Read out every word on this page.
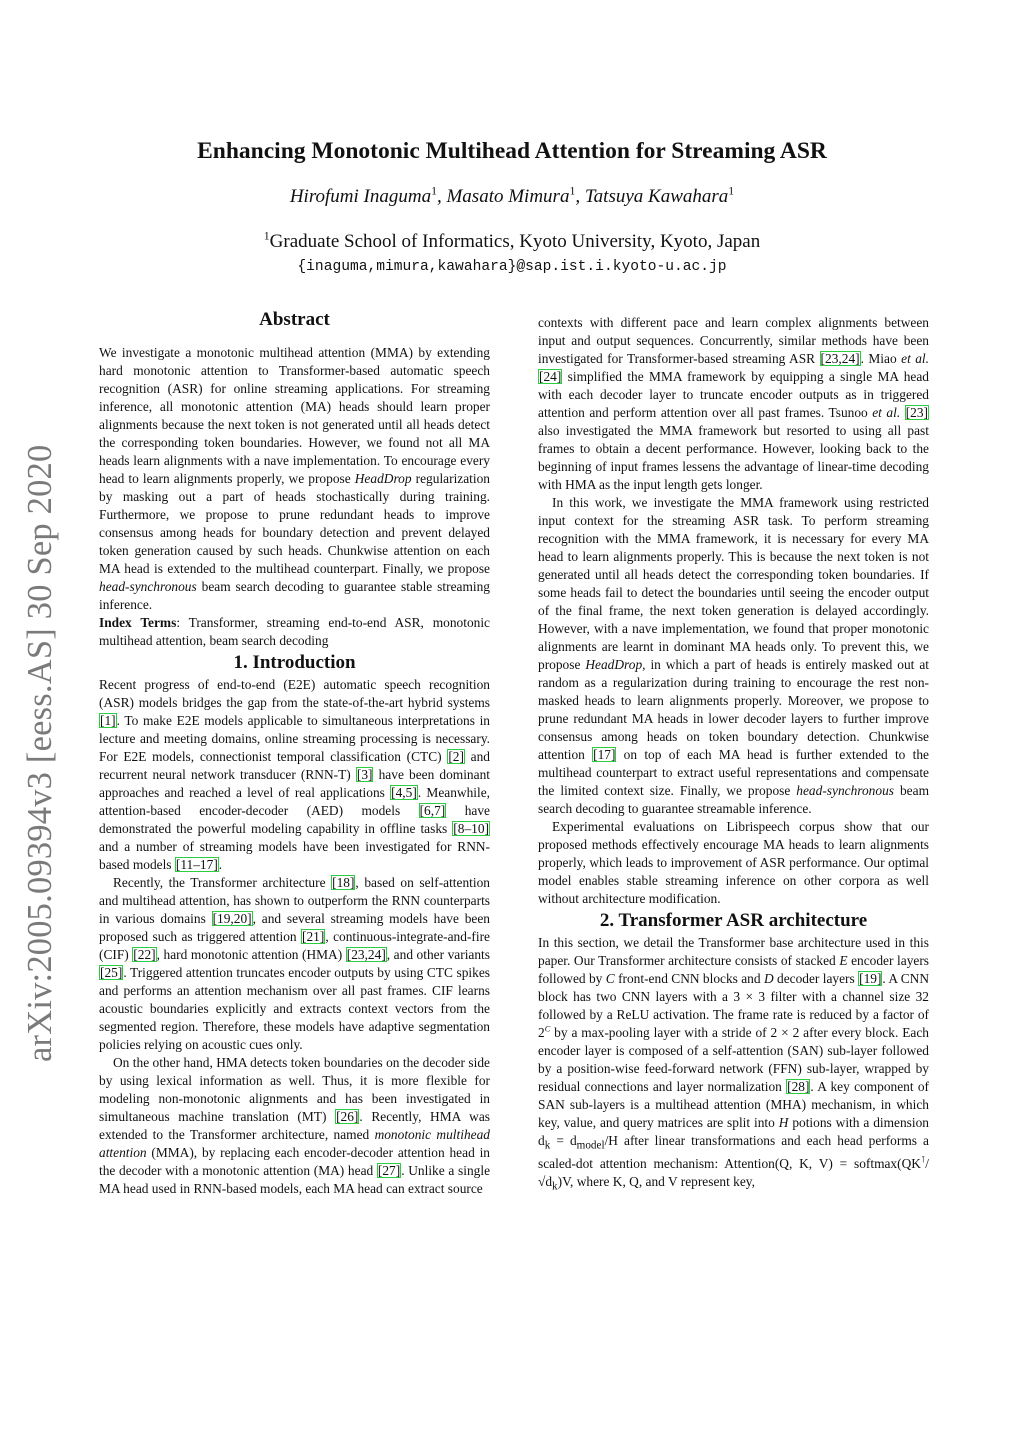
Enhancing Monotonic Multihead Attention for Streaming ASR
Hirofumi Inaguma$^1$, Masato Mimura$^1$, Tatsuya Kawahara$^1$
$^1$Graduate School of Informatics, Kyoto University, Kyoto, Japan
{inaguma,mimura,kawahara}@sap.ist.i.kyoto-u.ac.jp
arXiv:2005.09394v3 [eess.AS] 30 Sep 2020
Abstract

We investigate a monotonic multihead attention (MMA) by extending hard monotonic attention to Transformer-based automatic speech recognition (ASR) for online streaming applications. For streaming inference, all monotonic attention (MA) heads should learn proper alignments because the next token is not generated until all heads detect the corresponding token boundaries. However, we found not all MA heads learn alignments with a nave implementation. To encourage every head to learn alignments properly, we propose HeadDrop regularization by masking out a part of heads stochastically during training. Furthermore, we propose to prune redundant heads to improve consensus among heads for boundary detection and prevent delayed token generation caused by such heads. Chunkwise attention on each MA head is extended to the multihead counterpart. Finally, we propose head-synchronous beam search decoding to guarantee stable streaming inference.

Index Terms: Transformer, streaming end-to-end ASR, monotonic multihead attention, beam search decoding

1. Introduction

Recent progress of end-to-end (E2E) automatic speech recognition (ASR) models bridges the gap from the state-of-the-art hybrid systems [1]. To make E2E models applicable to simultaneous interpretations in lecture and meeting domains, online streaming processing is necessary. For E2E models, connectionist temporal classification (CTC) [2] and recurrent neural network transducer (RNN-T) [3] have been dominant approaches and reached a level of real applications [4,5]. Meanwhile, attention-based encoder-decoder (AED) models [6,7] have demonstrated the powerful modeling capability in offline tasks [8–10] and a number of streaming models have been investigated for RNN-based models [11–17].

Recently, the Transformer architecture [18], based on self-attention and multihead attention, has shown to outperform the RNN counterparts in various domains [19,20], and several streaming models have been proposed such as triggered attention [21], continuous-integrate-and-fire (CIF) [22], hard monotonic attention (HMA) [23,24], and other variants [25]. Triggered attention truncates encoder outputs by using CTC spikes and performs an attention mechanism over all past frames. CIF learns acoustic boundaries explicitly and extracts context vectors from the segmented region. Therefore, these models have adaptive segmentation policies relying on acoustic cues only.

On the other hand, HMA detects token boundaries on the decoder side by using lexical information as well. Thus, it is more flexible for modeling non-monotonic alignments and has been investigated in simultaneous machine translation (MT) [26]. Recently, HMA was extended to the Transformer architecture, named monotonic multihead attention (MMA), by replacing each encoder-decoder attention head in the decoder with a monotonic attention (MA) head [27]. Unlike a single MA head used in RNN-based models, each MA head can extract source

contexts with different pace and learn complex alignments between input and output sequences. Concurrently, similar methods have been investigated for Transformer-based streaming ASR [23,24]. Miao et al. [24] simplified the MMA framework by equipping a single MA head with each decoder layer to truncate encoder outputs as in triggered attention and perform attention over all past frames. Tsunoo et al. [23] also investigated the MMA framework but resorted to using all past frames to obtain a decent performance. However, looking back to the beginning of input frames lessens the advantage of linear-time decoding with HMA as the input length gets longer.

In this work, we investigate the MMA framework using restricted input context for the streaming ASR task. To perform streaming recognition with the MMA framework, it is necessary for every MA head to learn alignments properly. This is because the next token is not generated until all heads detect the corresponding token boundaries. If some heads fail to detect the boundaries until seeing the encoder output of the final frame, the next token generation is delayed accordingly. However, with a nave implementation, we found that proper monotonic alignments are learnt in dominant MA heads only. To prevent this, we propose HeadDrop, in which a part of heads is entirely masked out at random as a regularization during training to encourage the rest non-masked heads to learn alignments properly. Moreover, we propose to prune redundant MA heads in lower decoder layers to further improve consensus among heads on token boundary detection. Chunkwise attention [17] on top of each MA head is further extended to the multihead counterpart to extract useful representations and compensate the limited context size. Finally, we propose head-synchronous beam search decoding to guarantee streamable inference.

Experimental evaluations on Librispeech corpus show that our proposed methods effectively encourage MA heads to learn alignments properly, which leads to improvement of ASR performance. Our optimal model enables stable streaming inference on other corpora as well without architecture modification.

2. Transformer ASR architecture

In this section, we detail the Transformer base architecture used in this paper. Our Transformer architecture consists of stacked E encoder layers followed by C front-end CNN blocks and D decoder layers [19]. A CNN block has two CNN layers with a 3 × 3 filter with a channel size 32 followed by a ReLU activation. The frame rate is reduced by a factor of $2^C$ by a max-pooling layer with a stride of 2 × 2 after every block. Each encoder layer is composed of a self-attention (SAN) sub-layer followed by a position-wise feed-forward network (FFN) sub-layer, wrapped by residual connections and layer normalization [28]. A key component of SAN sub-layers is a multihead attention (MHA) mechanism, in which key, value, and query matrices are split into H potions with a dimension $d_k = d_{model}/H$ after linear transformations and each head performs a scaled-dot attention mechanism: Attention(Q, K, $V) = softmax(QK^⊺/√d_k)V$, where K, Q, and V represent key,
